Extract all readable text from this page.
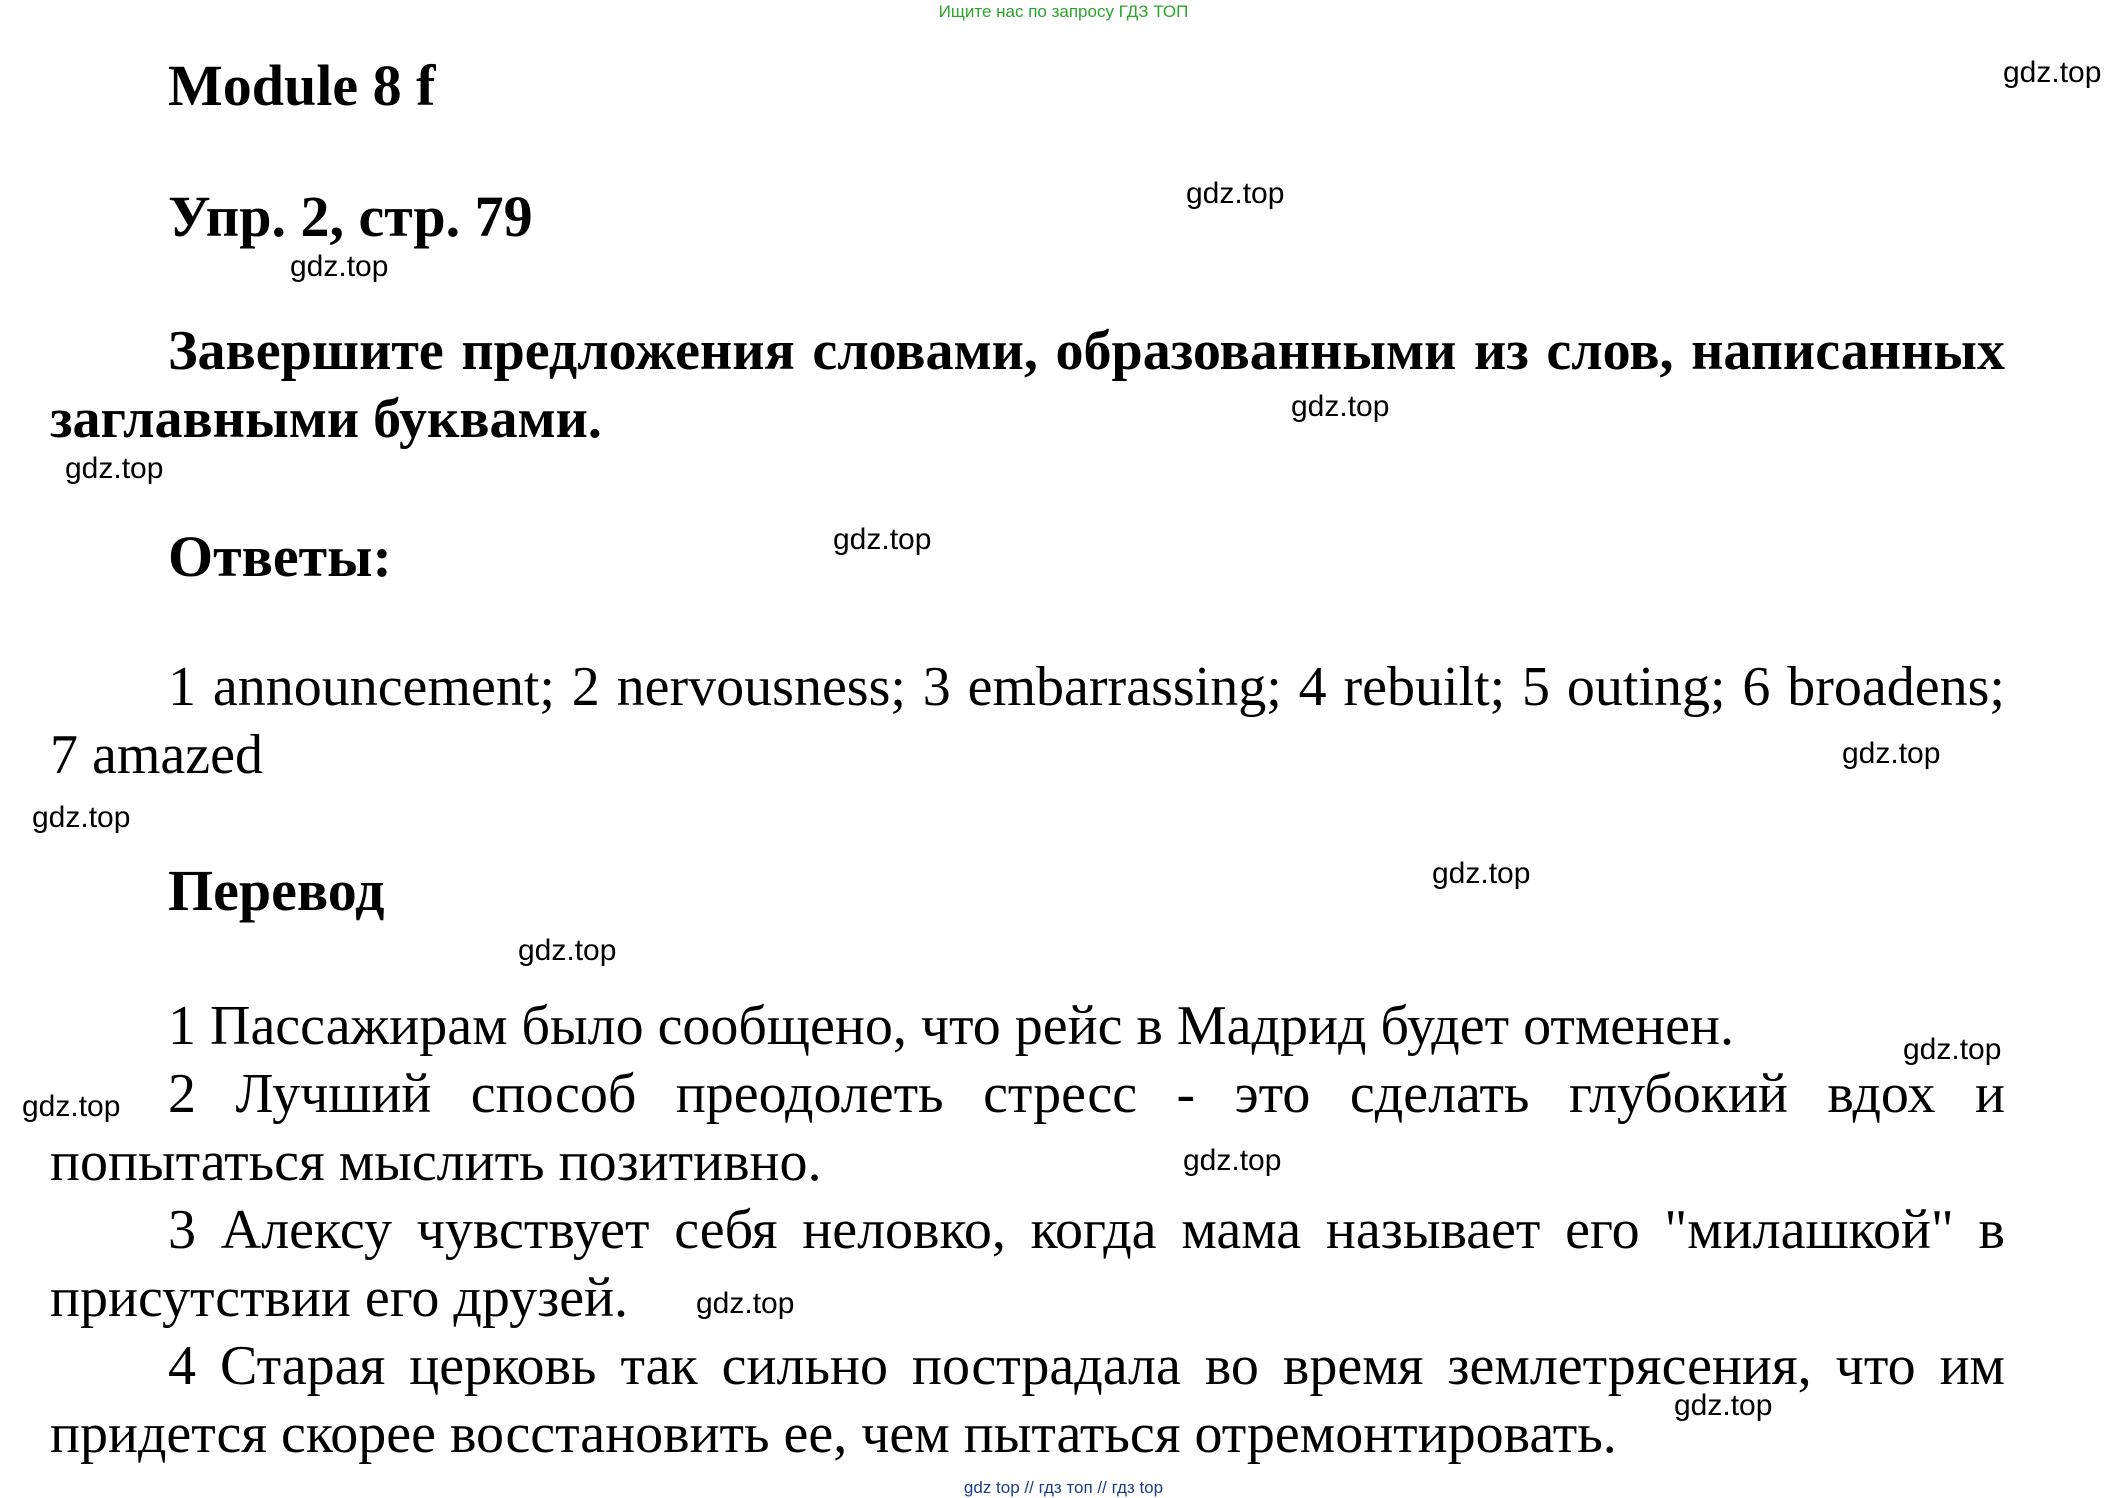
Ищите нас по запросу ГДЗ ТОП
Module 8 f
Упр. 2, стр. 79
Завершите предложения словами, образованными из слов, написанных заглавными буквами.
Ответы:
1 announcement; 2 nervousness; 3 embarrassing; 4 rebuilt; 5 outing; 6 broadens; 7 amazed
Перевод

1 Пассажирам было сообщено, что рейс в Мадрид будет отменен.

2 Лучший способ преодолеть стресс - это сделать глубокий вдох и попытаться мыслить позитивно.

3 Алексу чувствует себя неловко, когда мама называет его "милашкой" в присутствии его друзей.

4 Старая церковь так сильно пострадала во время землетрясения, что им придется скорее восстановить ее, чем пытаться отремонтировать.

gdz.top
gdz.top
gdz.top
gdz.top
gdz.top
gdz.top
gdz.top
gdz.top
gdz.top
gdz.top
gdz.top
gdz.top
gdz.top
gdz.top
gdz.top
gdz top // гдз топ // гдз top
